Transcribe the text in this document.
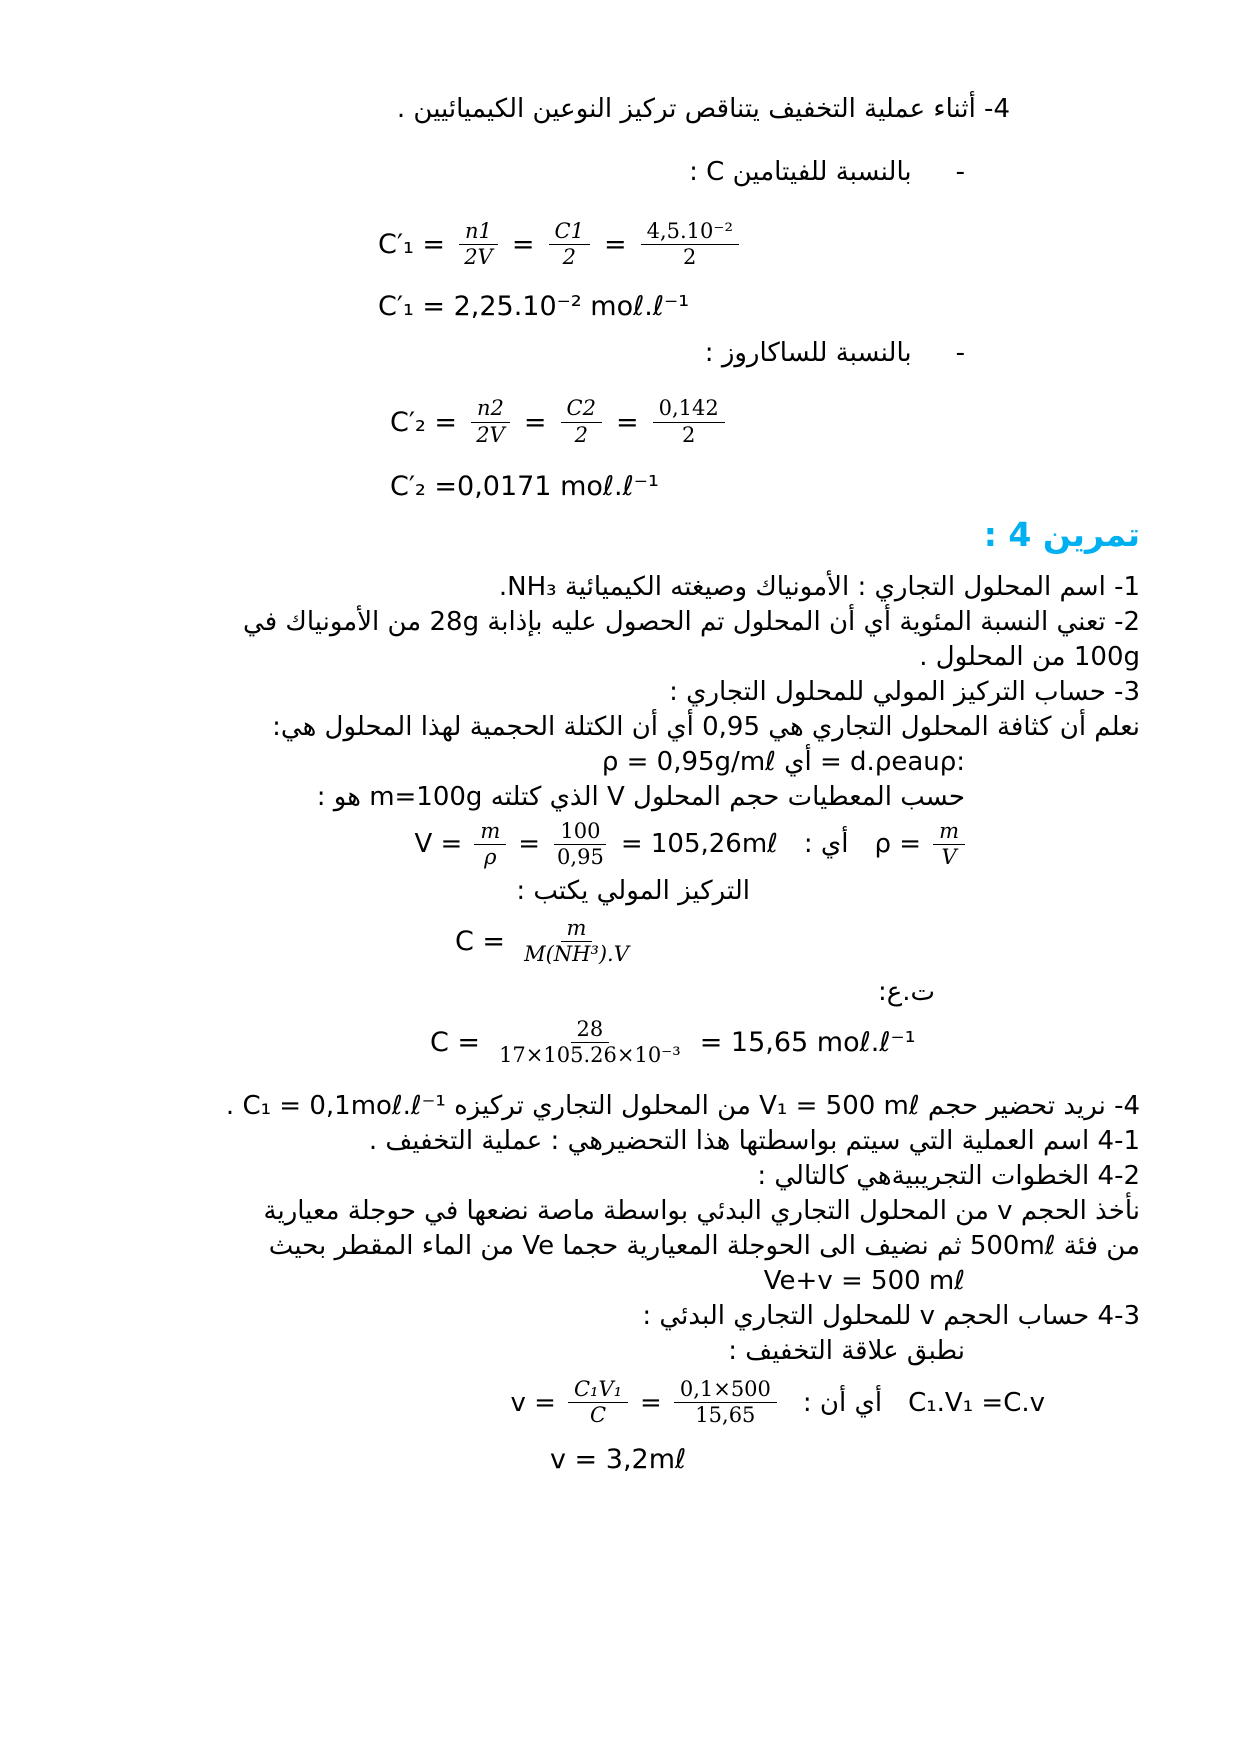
4- أثناء عملية التخفيف يتناقص تركيز النوعين الكيميائيين .
-
بالنسبة للفيتامين C :
$C'_1 = \frac{n1}{2V} = \frac{C1}{2} = \frac{\text{4,5.10⁻²}}{2}$
C′₁ = 2,25.10⁻² moℓ.ℓ⁻¹
-
بالنسبة للساكاروز :
$C'_2 = \frac{n2}{2V} = \frac{C2}{2} = \frac{0,142}{2}$
C′₂ =0,0171 moℓ.ℓ⁻¹
تمرين 4 :
1- اسم المحلول التجاري : الأمونياك وصيغته الكيميائية NH₃.
2- تعني النسبة المئوية أي أن المحلول تم الحصول عليه بإذابة 28g من الأمونياك في
100g من المحلول .
3- حساب التركيز المولي للمحلول التجاري :
نعلم أن كثافة المحلول التجاري هي 0,95 أي أن الكتلة الحجمية لهذا المحلول هي:
ρ = 0,95g/mℓ أي = d.ρeauρ:
حسب المعطيات حجم المحلول V الذي كتلته m=100g هو :
$\rho = \frac{m}{V}$
أي :
$V = \frac{m}{\rho} = \frac{100}{0,95}$ = 105,26mℓ
التركيز المولي يكتب :
$C = \frac{m}{\text{M(NH³).V}}$
ت.ع:
$C = \frac{28}{\text{17×105.26×10⁻³}} = 15,65$ moℓ.ℓ⁻¹
4- نريد تحضير حجم V₁ = 500 mℓ من المحلول التجاري تركيزه C₁ = 0,1moℓ.ℓ⁻¹ .
4-1 اسم العملية التي سيتم بواسطتها هذا التحضيرهي : عملية التخفيف .
4-2 الخطوات التجريبيةهي كالتالي :
نأخذ الحجم v من المحلول التجاري البدئي بواسطة ماصة نضعها في حوجلة معيارية
من فئة 500mℓ ثم نضيف الى الحوجلة المعيارية حجما Ve من الماء المقطر بحيث
Ve+v = 500 mℓ
4-3 حساب الحجم v للمحلول التجاري البدئي :
نطبق علاقة التخفيف :
C₁.V₁ =C.v
أي أن :
$v = \frac{\text{C₁V₁}}{C} = \frac{0,1\times 500}{15,65}$
v = 3,2mℓ
